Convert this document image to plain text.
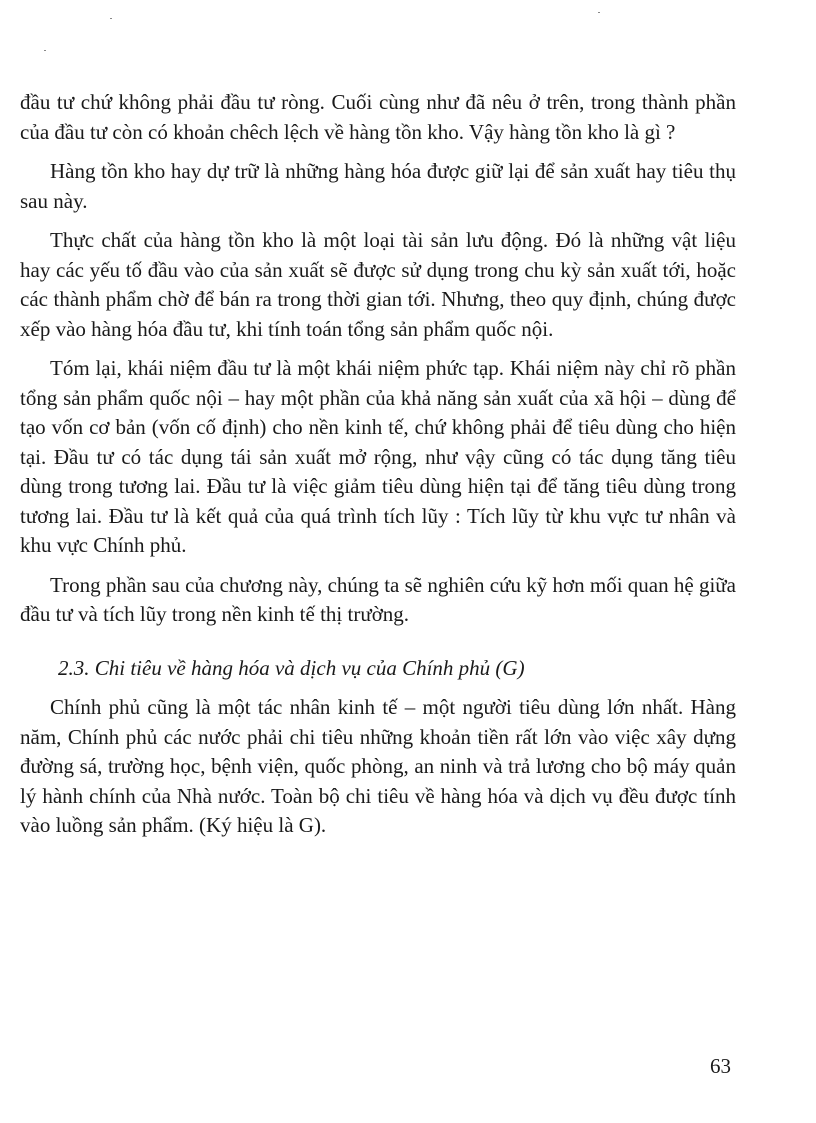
đầu tư chứ không phải đầu tư ròng. Cuối cùng như đã nêu ở trên, trong thành phần của đầu tư còn có khoản chêch lệch về hàng tồn kho. Vậy hàng tồn kho là gì ?

Hàng tồn kho hay dự trữ là những hàng hóa được giữ lại để sản xuất hay tiêu thụ sau này.

Thực chất của hàng tồn kho là một loại tài sản lưu động. Đó là những vật liệu hay các yếu tố đầu vào của sản xuất sẽ được sử dụng trong chu kỳ sản xuất tới, hoặc các thành phẩm chờ để bán ra trong thời gian tới. Nhưng, theo quy định, chúng được xếp vào hàng hóa đầu tư, khi tính toán tổng sản phẩm quốc nội.

Tóm lại, khái niệm đầu tư là một khái niệm phức tạp. Khái niệm này chỉ rõ phần tổng sản phẩm quốc nội – hay một phần của khả năng sản xuất của xã hội – dùng để tạo vốn cơ bản (vốn cố định) cho nền kinh tế, chứ không phải để tiêu dùng cho hiện tại. Đầu tư có tác dụng tái sản xuất mở rộng, như vậy cũng có tác dụng tăng tiêu dùng trong tương lai. Đầu tư là việc giảm tiêu dùng hiện tại để tăng tiêu dùng trong tương lai. Đầu tư là kết quả của quá trình tích lũy : Tích lũy từ khu vực tư nhân và khu vực Chính phủ.

Trong phần sau của chương này, chúng ta sẽ nghiên cứu kỹ hơn mối quan hệ giữa đầu tư và tích lũy trong nền kinh tế thị trường.

2.3. Chi tiêu về hàng hóa và dịch vụ của Chính phủ (G)

Chính phủ cũng là một tác nhân kinh tế – một người tiêu dùng lớn nhất. Hàng năm, Chính phủ các nước phải chi tiêu những khoản tiền rất lớn vào việc xây dựng đường sá, trường học, bệnh viện, quốc phòng, an ninh và trả lương cho bộ máy quản lý hành chính của Nhà nước. Toàn bộ chi tiêu về hàng hóa và dịch vụ đều được tính vào luồng sản phẩm. (Ký hiệu là G).

63
